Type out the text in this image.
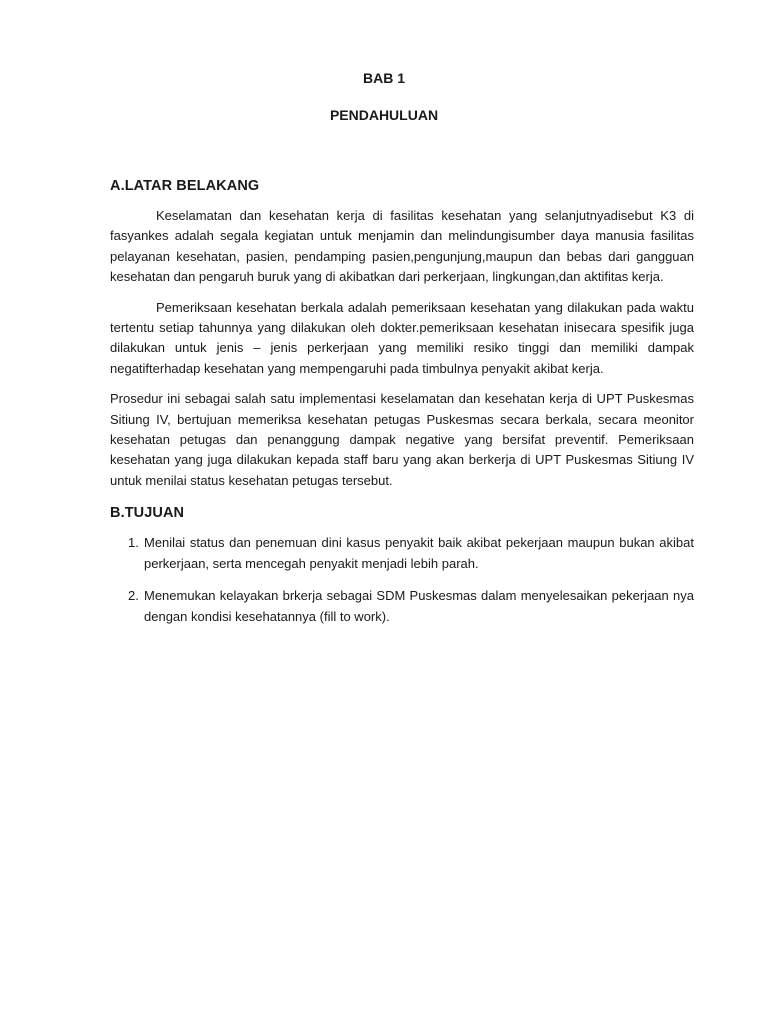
BAB 1

PENDAHULUAN

A.LATAR BELAKANG

Keselamatan dan kesehatan kerja di fasilitas kesehatan yang selanjutnyadisebut K3 di fasyankes adalah segala kegiatan untuk menjamin dan melindungisumber daya manusia fasilitas pelayanan kesehatan, pasien, pendamping pasien,pengunjung,maupun dan bebas dari gangguan kesehatan dan pengaruh buruk yang di akibatkan dari perkerjaan, lingkungan,dan aktifitas kerja.

Pemeriksaan kesehatan berkala adalah pemeriksaan kesehatan yang dilakukan pada waktu tertentu setiap tahunnya yang dilakukan oleh dokter.pemeriksaan kesehatan inisecara spesifik juga dilakukan untuk jenis – jenis perkerjaan yang memiliki resiko tinggi dan memiliki dampak negatifterhadap kesehatan yang mempengaruhi pada timbulnya penyakit akibat kerja.

Prosedur ini sebagai salah satu implementasi keselamatan dan kesehatan kerja di UPT Puskesmas Sitiung IV, bertujuan memeriksa kesehatan petugas Puskesmas secara berkala, secara meonitor kesehatan petugas dan penanggung dampak negative yang bersifat preventif. Pemeriksaan kesehatan yang juga dilakukan kepada staff baru yang akan berkerja di UPT Puskesmas Sitiung IV untuk menilai status kesehatan petugas tersebut.

B.TUJUAN
1. Menilai status dan penemuan dini kasus penyakit baik akibat pekerjaan maupun bukan akibat perkerjaan, serta mencegah penyakit menjadi lebih parah.
2. Menemukan kelayakan brkerja sebagai SDM Puskesmas dalam menyelesaikan pekerjaan nya dengan kondisi kesehatannya (fill to work).
